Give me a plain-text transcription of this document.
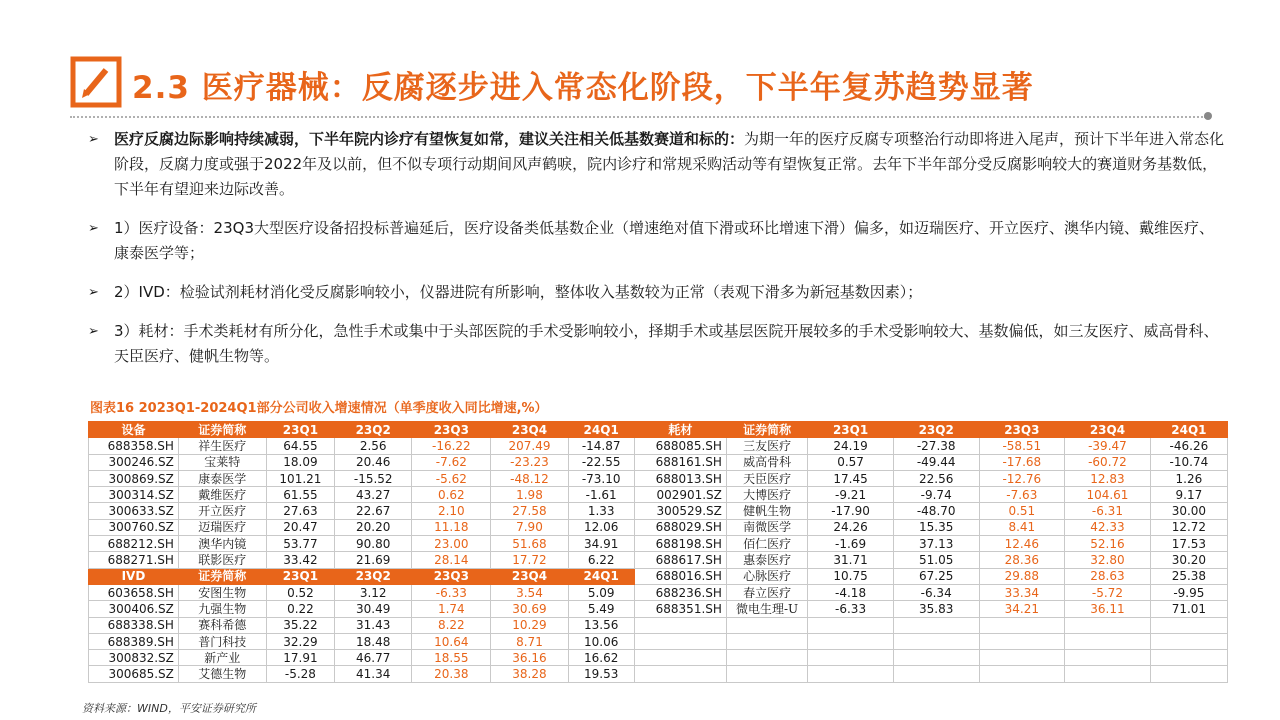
2.3 医疗器械：反腐逐步进入常态化阶段，下半年复苏趋势显著
➢ 医疗反腐边际影响持续减弱，下半年院内诊疗有望恢复如常，建议关注相关低基数赛道和标的：为期一年的医疗反腐专项整治行动即将进入尾声，预计下半年进入常态化阶段，反腐力度或强于2022年及以前，但不似专项行动期间风声鹤唳，院内诊疗和常规采购活动等有望恢复正常。去年下半年部分受反腐影响较大的赛道财务基数低，下半年有望迎来边际改善。
➢ 1）医疗设备：23Q3大型医疗设备招投标普遍延后，医疗设备类低基数企业（增速绝对值下滑或环比增速下滑）偏多，如迈瑞医疗、开立医疗、澳华内镜、戴维医疗、康泰医学等；
➢ 2）IVD：检验试剂耗材消化受反腐影响较小，仪器进院有所影响，整体收入基数较为正常（表观下滑多为新冠基数因素）；
➢ 3）耗材：手术类耗材有所分化，急性手术或集中于头部医院的手术受影响较小，择期手术或基层医院开展较多的手术受影响较大、基数偏低，如三友医疗、威高骨科、天臣医疗、健帆生物等。
图表16 2023Q1-2024Q1部分公司收入增速情况（单季度收入同比增速,%）
设备	证券简称	23Q1	23Q2	23Q3	23Q4	24Q1	耗材	证券简称	23Q1	23Q2	23Q3	23Q4	24Q1
688358.SH	祥生医疗	64.55	2.56	-16.22	207.49	-14.87	688085.SH	三友医疗	24.19	-27.38	-58.51	-39.47	-46.26
300246.SZ	宝莱特	18.09	20.46	-7.62	-23.23	-22.55	688161.SH	威高骨科	0.57	-49.44	-17.68	-60.72	-10.74
300869.SZ	康泰医学	101.21	-15.52	-5.62	-48.12	-73.10	688013.SH	天臣医疗	17.45	22.56	-12.76	12.83	1.26
300314.SZ	戴维医疗	61.55	43.27	0.62	1.98	-1.61	002901.SZ	大博医疗	-9.21	-9.74	-7.63	104.61	9.17
300633.SZ	开立医疗	27.63	22.67	2.10	27.58	1.33	300529.SZ	健帆生物	-17.90	-48.70	0.51	-6.31	30.00
300760.SZ	迈瑞医疗	20.47	20.20	11.18	7.90	12.06	688029.SH	南微医学	24.26	15.35	8.41	42.33	12.72
688212.SH	澳华内镜	53.77	90.80	23.00	51.68	34.91	688198.SH	佰仁医疗	-1.69	37.13	12.46	52.16	17.53
688271.SH	联影医疗	33.42	21.69	28.14	17.72	6.22	688617.SH	惠泰医疗	31.71	51.05	28.36	32.80	30.20
IVD	证券简称	23Q1	23Q2	23Q3	23Q4	24Q1	688016.SH	心脉医疗	10.75	67.25	29.88	28.63	25.38
603658.SH	安图生物	0.52	3.12	-6.33	3.54	5.09	688236.SH	春立医疗	-4.18	-6.34	33.34	-5.72	-9.95
300406.SZ	九强生物	0.22	30.49	1.74	30.69	5.49	688351.SH	微电生理-U	-6.33	35.83	34.21	36.11	71.01
688338.SH	赛科希德	35.22	31.43	8.22	10.29	13.56							
688389.SH	普门科技	32.29	18.48	10.64	8.71	10.06							
300832.SZ	新产业	17.91	46.77	18.55	36.16	16.62							
300685.SZ	艾德生物	-5.28	41.34	20.38	38.28	19.53							
资料来源：WIND，平安证券研究所
